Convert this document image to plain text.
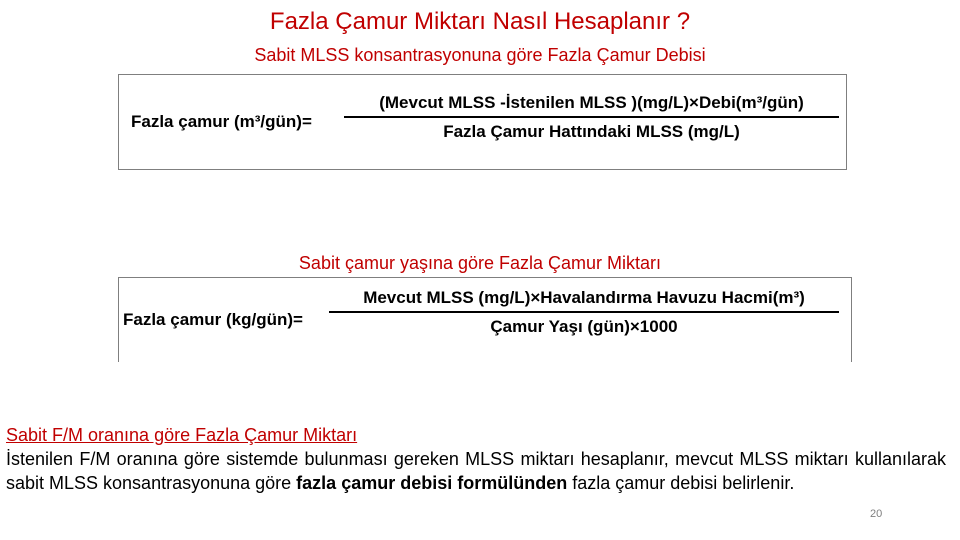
Fazla Çamur Miktarı Nasıl Hesaplanır ?
Sabit MLSS konsantrasyonuna göre Fazla Çamur Debisi
Fazla çamur (m³/gün)=
(Mevcut MLSS -İstenilen MLSS )(mg/L)×Debi(m³/gün)
Fazla Çamur Hattındaki MLSS (mg/L)
Sabit çamur yaşına göre Fazla Çamur Miktarı
Fazla çamur (kg/gün)=
Mevcut MLSS (mg/L)×Havalandırma Havuzu Hacmi(m³)
Çamur Yaşı (gün)×1000
Sabit F/M oranına göre Fazla Çamur Miktarı
İstenilen F/M oranına göre sistemde bulunması gereken MLSS miktarı hesaplanır, mevcut MLSS miktarı kullanılarak sabit MLSS konsantrasyonuna göre fazla çamur debisi formülünden fazla çamur debisi belirlenir.
20
